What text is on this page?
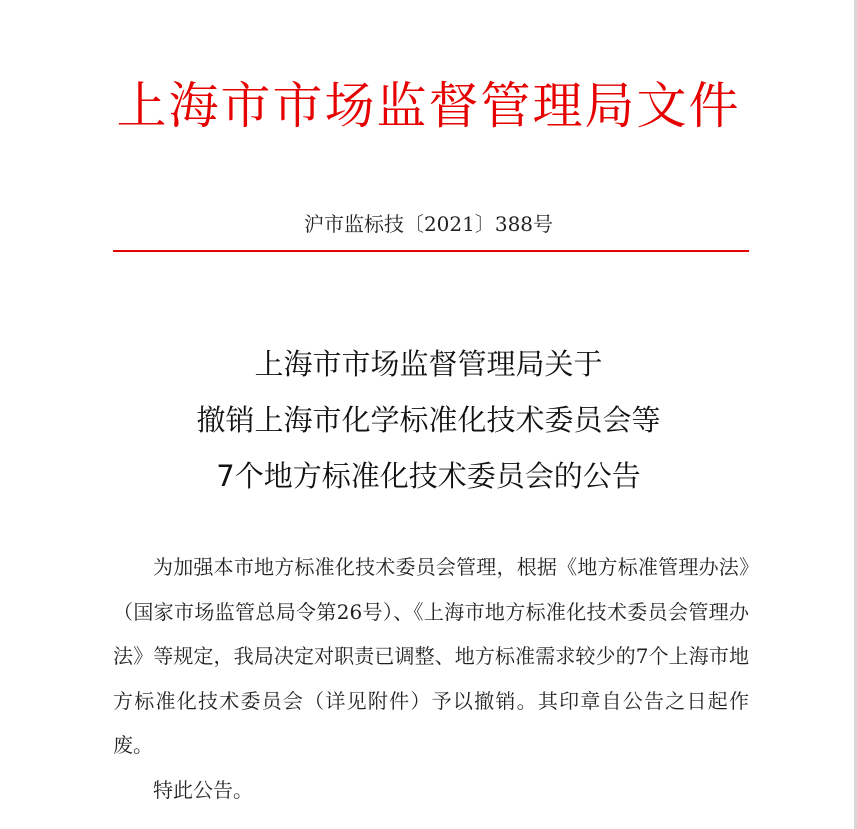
上海市市场监督管理局文件
沪市监标技〔2021〕388号
上海市市场监督管理局关于
撤销上海市化学标准化技术委员会等
7个地方标准化技术委员会的公告

为加强本市地方标准化技术委员会管理，根据《地方标准管理办法》（国家市场监管总局令第26号）、《上海市地方标准化技术委员会管理办法》等规定，我局决定对职责已调整、地方标准需求较少的7个上海市地方标准化技术委员会（详见附件）予以撤销。其印章自公告之日起作废。

特此公告。
